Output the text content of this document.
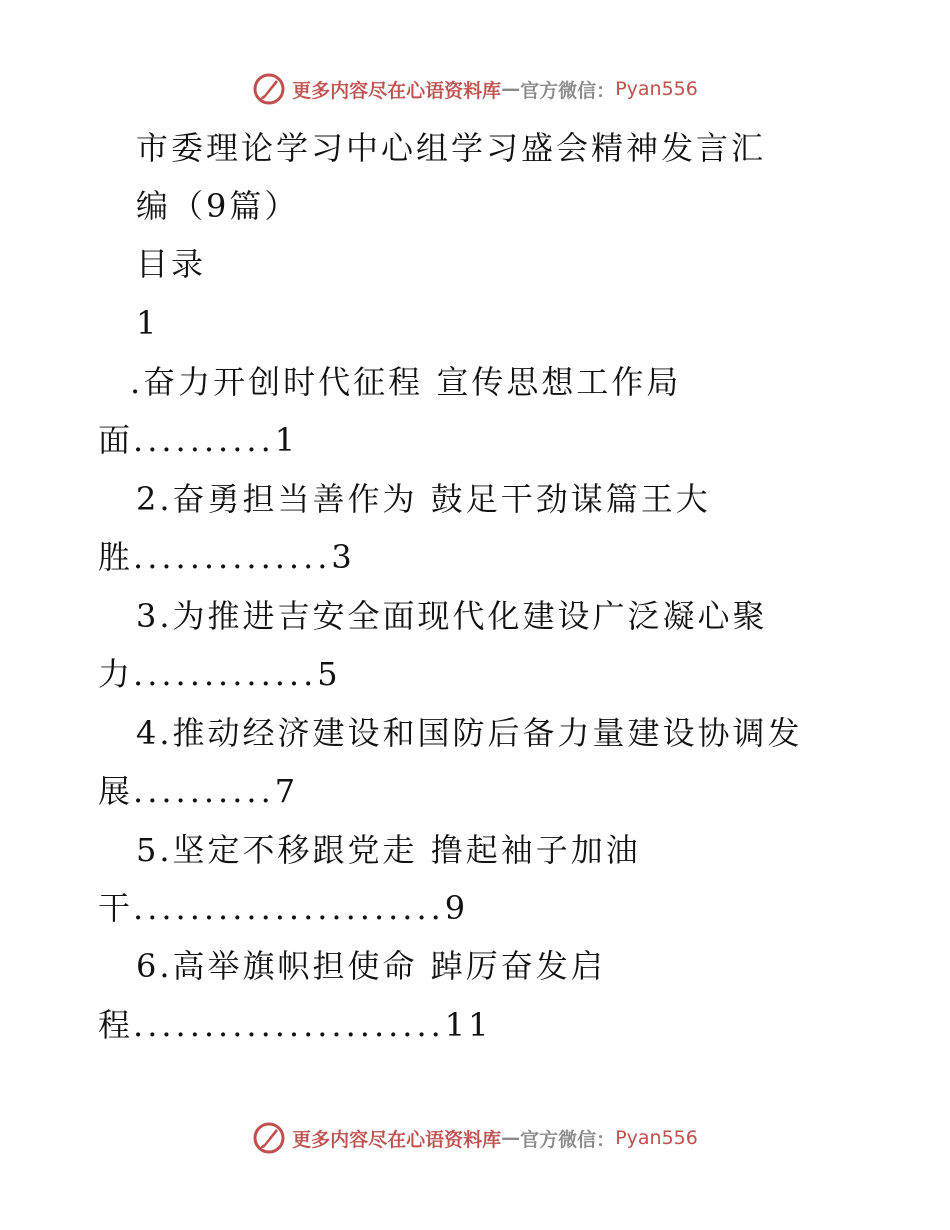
更多内容尽在心语资料库 — 官方微信： Pyan556
市委理论学习中心组学习盛会精神发言汇
编（9篇）
目录
1
.奋力开创时代征程 宣传思想工作局
面..........1
2.奋勇担当善作为 鼓足干劲谋篇王大
胜..............3
3.为推进吉安全面现代化建设广泛凝心聚
力.............5
4.推动经济建设和国防后备力量建设协调发
展..........7
5.坚定不移跟党走 撸起袖子加油
干......................9
6.高举旗帜担使命 踔厉奋发启
程......................11
更多内容尽在心语资料库 — 官方微信： Pyan556
